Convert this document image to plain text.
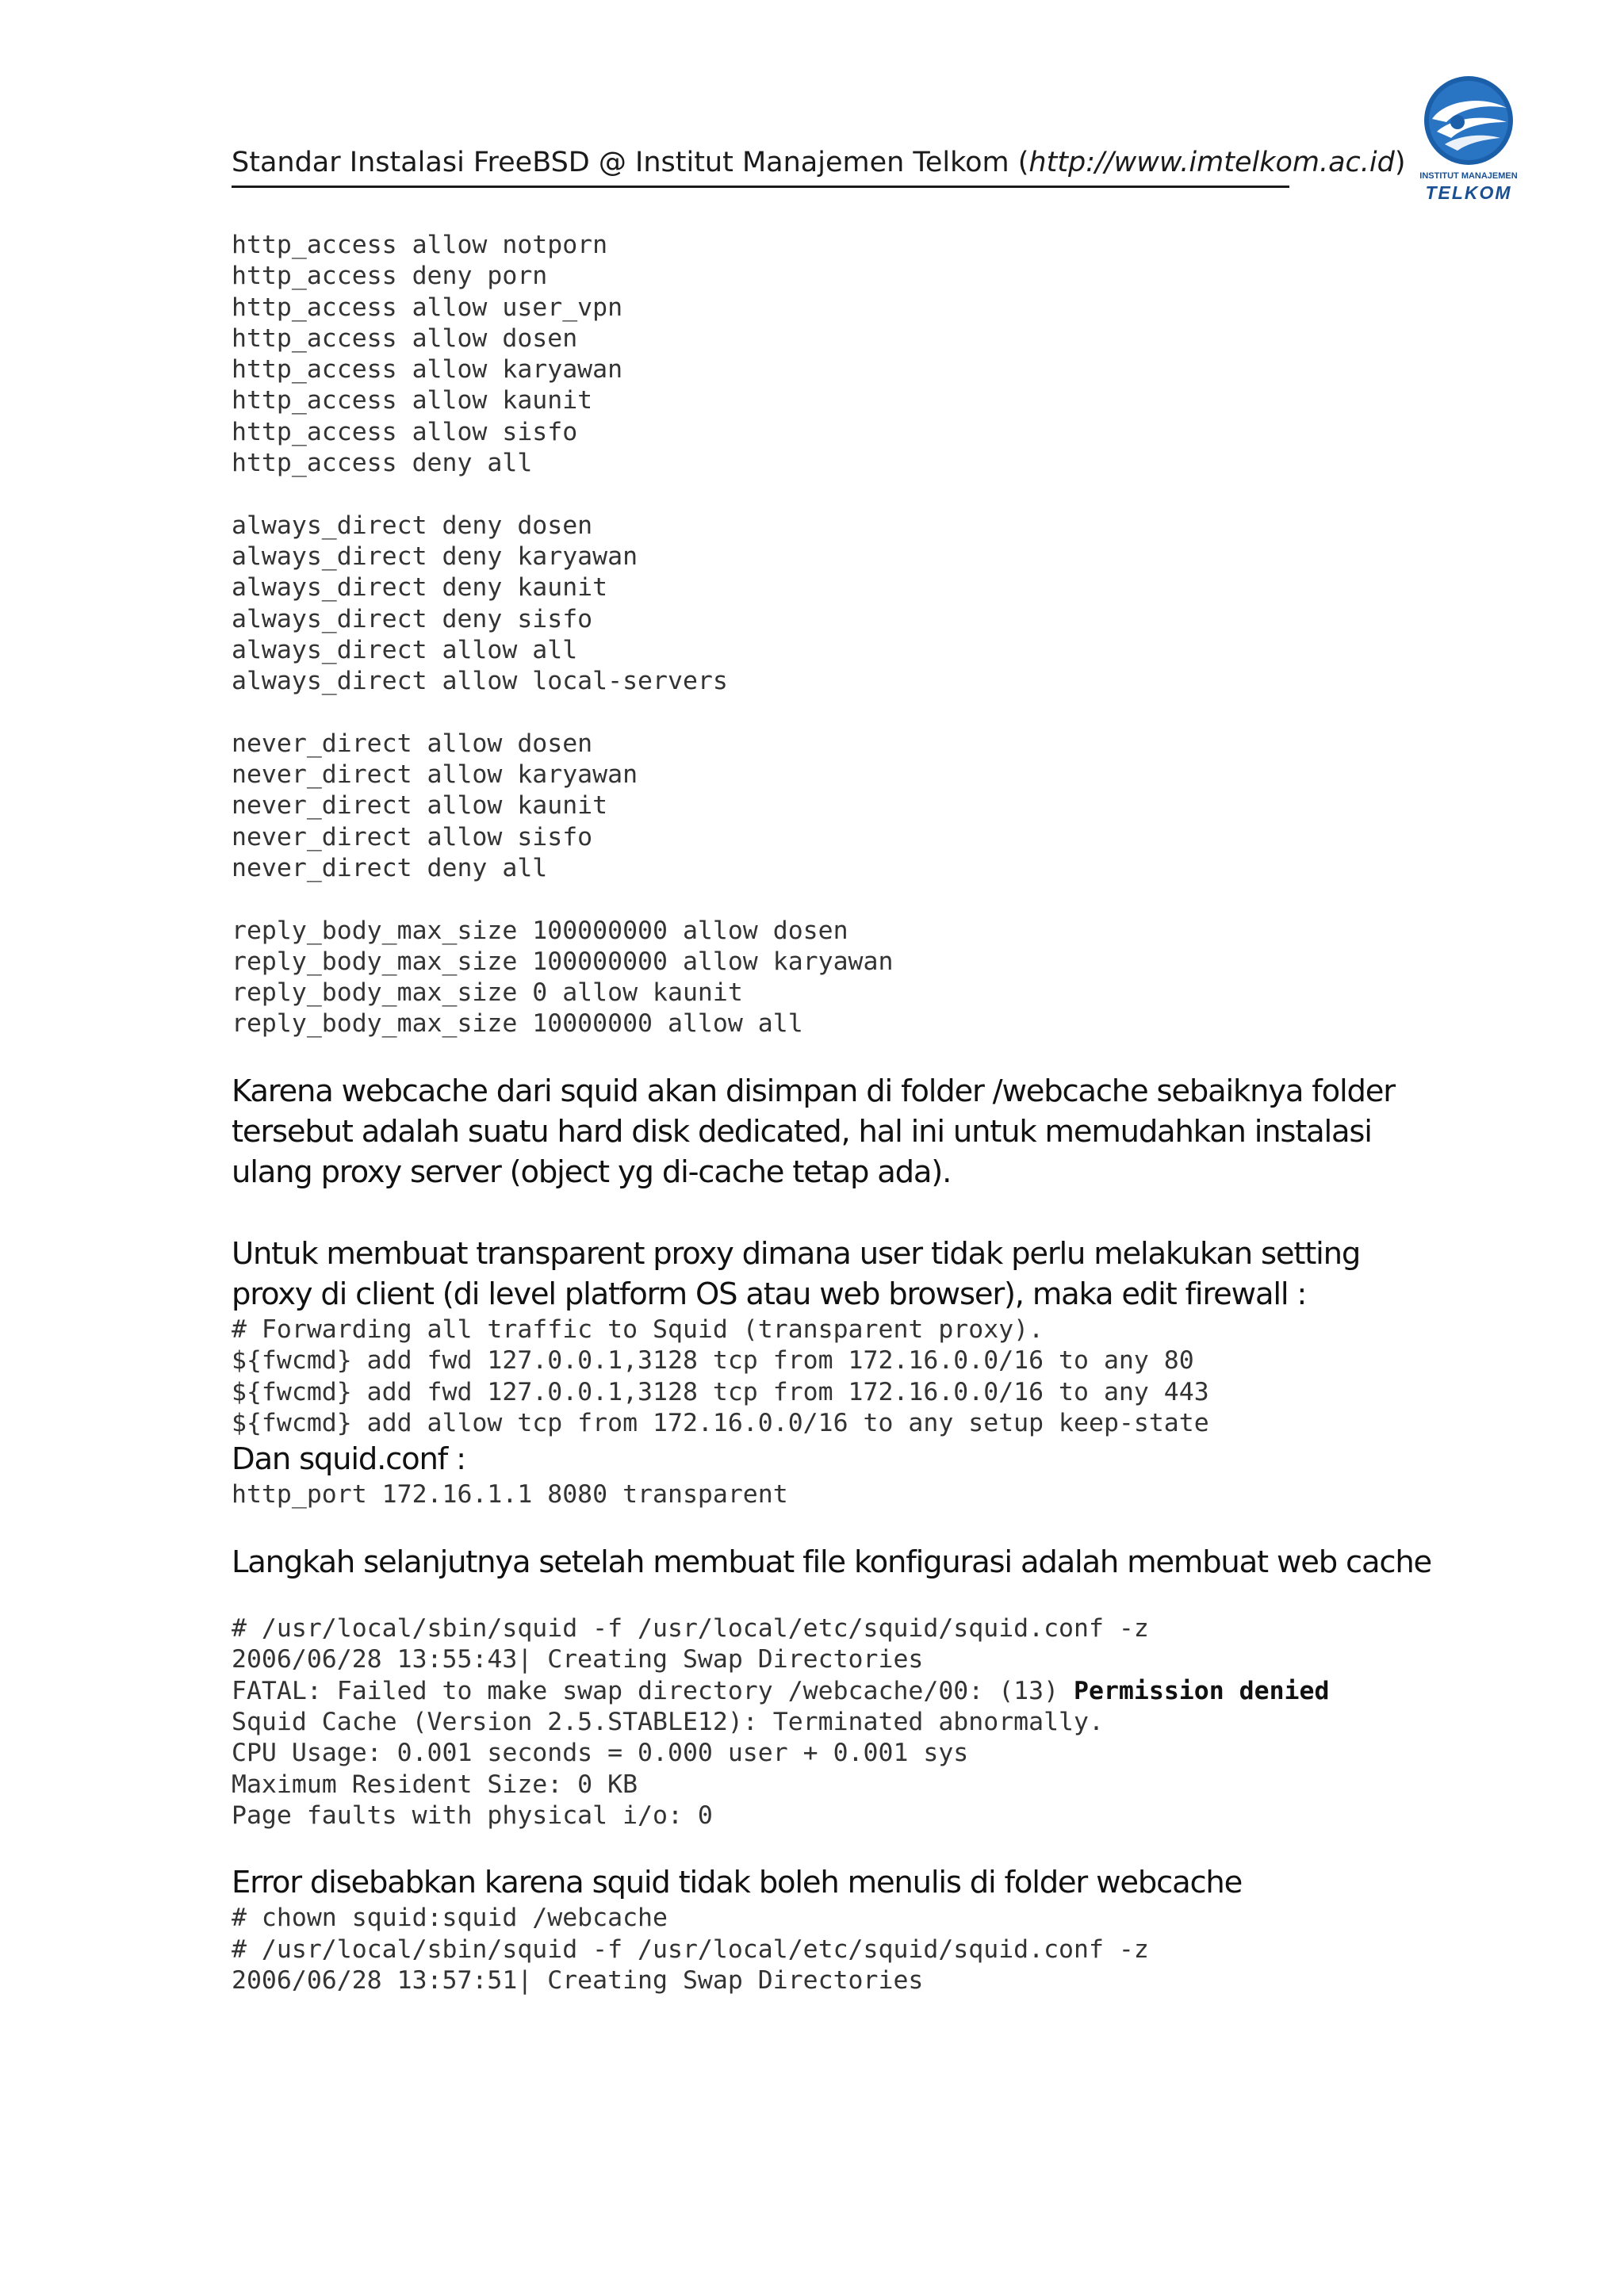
Standar Instalasi FreeBSD @ Institut Manajemen Telkom (http://www.imtelkom.ac.id)	INSTITUT MANAJEMEN
TELKOM
http_access allow notporn
http_access deny porn
http_access allow user_vpn
http_access allow dosen
http_access allow karyawan
http_access allow kaunit
http_access allow sisfo
http_access deny all
always_direct deny dosen
always_direct deny karyawan
always_direct deny kaunit
always_direct deny sisfo
always_direct allow all
always_direct allow local-servers
never_direct allow dosen
never_direct allow karyawan
never_direct allow kaunit
never_direct allow sisfo
never_direct deny all
reply_body_max_size 100000000 allow dosen
reply_body_max_size 100000000 allow karyawan
reply_body_max_size 0 allow kaunit
reply_body_max_size 10000000 allow all
Karena webcache dari squid akan disimpan di folder /webcache sebaiknya folder
tersebut adalah suatu hard disk dedicated, hal ini untuk memudahkan instalasi
ulang proxy server (object yg di-cache tetap ada).
Untuk membuat transparent proxy dimana user tidak perlu melakukan setting
proxy di client (di level platform OS atau web browser), maka edit firewall :
# Forwarding all traffic to Squid (transparent proxy).
${fwcmd} add fwd 127.0.0.1,3128 tcp from 172.16.0.0/16 to any 80
${fwcmd} add fwd 127.0.0.1,3128 tcp from 172.16.0.0/16 to any 443
${fwcmd} add allow tcp from 172.16.0.0/16 to any setup keep-state
Dan squid.conf :
http_port 172.16.1.1 8080 transparent
Langkah selanjutnya setelah membuat file konfigurasi adalah membuat web cache
# /usr/local/sbin/squid -f /usr/local/etc/squid/squid.conf -z
2006/06/28 13:55:43| Creating Swap Directories
FATAL: Failed to make swap directory /webcache/00: (13) Permission denied
Squid Cache (Version 2.5.STABLE12): Terminated abnormally.
CPU Usage: 0.001 seconds = 0.000 user + 0.001 sys
Maximum Resident Size: 0 KB
Page faults with physical i/o: 0
Error disebabkan karena squid tidak boleh menulis di folder webcache
# chown squid:squid /webcache
# /usr/local/sbin/squid -f /usr/local/etc/squid/squid.conf -z
2006/06/28 13:57:51| Creating Swap Directories
